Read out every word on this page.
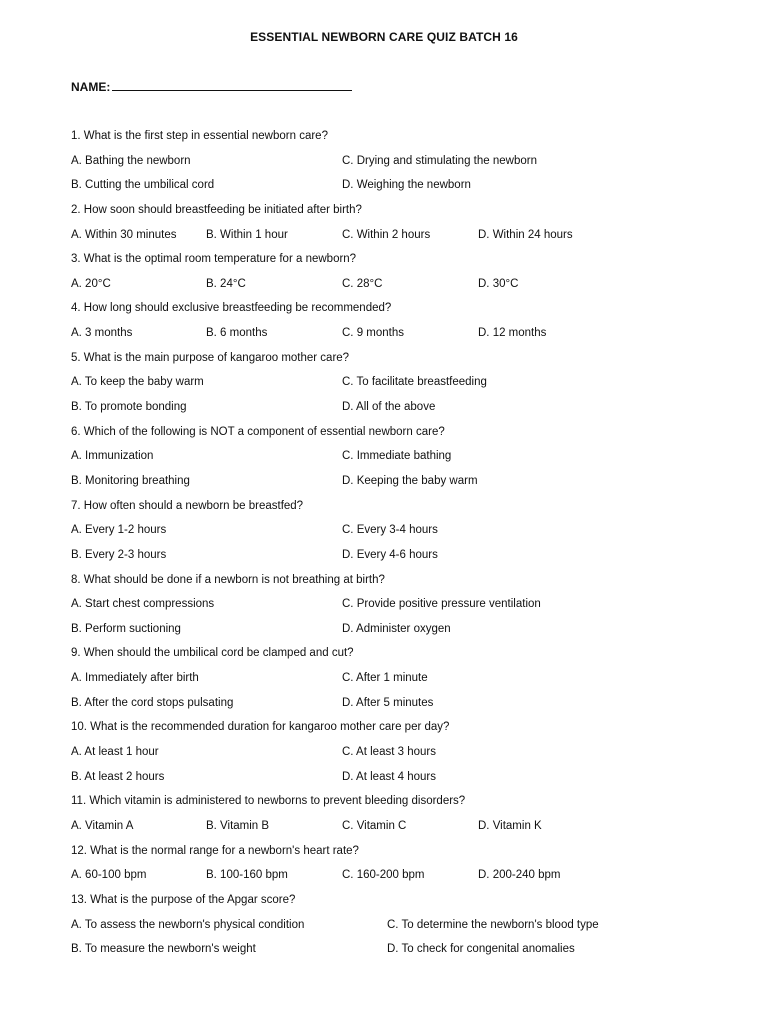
ESSENTIAL NEWBORN CARE QUIZ BATCH 16
NAME:
1. What is the first step in essential newborn care?
A. Bathing the newborn	C. Drying and stimulating the newborn
B. Cutting the umbilical cord	D. Weighing the newborn
2. How soon should breastfeeding be initiated after birth?
A. Within 30 minutes	B. Within 1 hour	C. Within 2 hours	D. Within 24 hours
3. What is the optimal room temperature for a newborn?
A. 20°C	B. 24°C	C. 28°C	D. 30°C
4. How long should exclusive breastfeeding be recommended?
A. 3 months	B. 6 months	C. 9 months	D. 12 months
5. What is the main purpose of kangaroo mother care?
A. To keep the baby warm	C. To facilitate breastfeeding
B. To promote bonding	D. All of the above
6. Which of the following is NOT a component of essential newborn care?
A. Immunization	C. Immediate bathing
B. Monitoring breathing	D. Keeping the baby warm
7. How often should a newborn be breastfed?
A. Every 1-2 hours	C. Every 3-4 hours
B. Every 2-3 hours	D. Every 4-6 hours
8. What should be done if a newborn is not breathing at birth?
A. Start chest compressions	C. Provide positive pressure ventilation
B. Perform suctioning	D. Administer oxygen
9. When should the umbilical cord be clamped and cut?
A. Immediately after birth	C. After 1 minute
B. After the cord stops pulsating	D. After 5 minutes
10. What is the recommended duration for kangaroo mother care per day?
A. At least 1 hour	C. At least 3 hours
B. At least 2 hours	D. At least 4 hours
11. Which vitamin is administered to newborns to prevent bleeding disorders?
A. Vitamin A	B. Vitamin B	C. Vitamin C	D. Vitamin K
12. What is the normal range for a newborn's heart rate?
A. 60-100 bpm	B. 100-160 bpm	C. 160-200 bpm	D. 200-240 bpm
13. What is the purpose of the Apgar score?
A. To assess the newborn's physical condition	C. To determine the newborn's blood type
B. To measure the newborn's weight	D. To check for congenital anomalies
